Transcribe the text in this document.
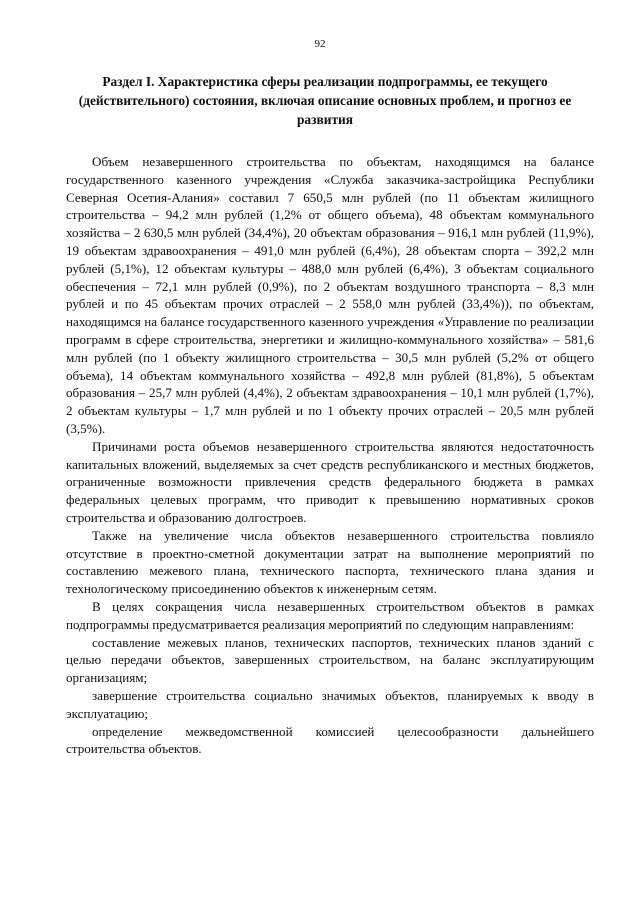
92
Раздел I. Характеристика сферы реализации подпрограммы, ее текущего (действительного) состояния, включая описание основных проблем, и прогноз ее развития

Объем незавершенного строительства по объектам, находящимся на балансе государственного казенного учреждения «Служба заказчика-застройщика Республики Северная Осетия-Алания» составил 7 650,5 млн рублей (по 11 объектам жилищного строительства – 94,2 млн рублей (1,2% от общего объема), 48 объектам коммунального хозяйства – 2 630,5 млн рублей (34,4%), 20 объектам образования – 916,1 млн рублей (11,9%), 19 объектам здравоохранения – 491,0 млн рублей (6,4%), 28 объектам спорта – 392,2 млн рублей (5,1%), 12 объектам культуры – 488,0 млн рублей (6,4%), 3 объектам социального обеспечения – 72,1 млн рублей (0,9%), по 2 объектам воздушного транспорта – 8,3 млн рублей и по 45 объектам прочих отраслей – 2 558,0 млн рублей (33,4%)), по объектам, находящимся на балансе государственного казенного учреждения «Управление по реализации программ в сфере строительства, энергетики и жилищно-коммунального хозяйства» – 581,6 млн рублей (по 1 объекту жилищного строительства – 30,5 млн рублей (5,2% от общего объема), 14 объектам коммунального хозяйства – 492,8 млн рублей (81,8%), 5 объектам образования – 25,7 млн рублей (4,4%), 2 объектам здравоохранения – 10,1 млн рублей (1,7%), 2 объектам культуры – 1,7 млн рублей и по 1 объекту прочих отраслей – 20,5 млн рублей (3,5%).

Причинами роста объемов незавершенного строительства являются недостаточность капитальных вложений, выделяемых за счет средств республиканского и местных бюджетов, ограниченные возможности привлечения средств федерального бюджета в рамках федеральных целевых программ, что приводит к превышению нормативных сроков строительства и образованию долгостроев.

Также на увеличение числа объектов незавершенного строительства повлияло отсутствие в проектно-сметной документации затрат на выполнение мероприятий по составлению межевого плана, технического паспорта, технического плана здания и технологическому присоединению объектов к инженерным сетям.

В целях сокращения числа незавершенных строительством объектов в рамках подпрограммы предусматривается реализация мероприятий по следующим направлениям:

составление межевых планов, технических паспортов, технических планов зданий с целью передачи объектов, завершенных строительством, на баланс эксплуатирующим организациям;

завершение строительства социально значимых объектов, планируемых к вводу в эксплуатацию;

определение межведомственной комиссией целесообразности дальнейшего строительства объектов.
